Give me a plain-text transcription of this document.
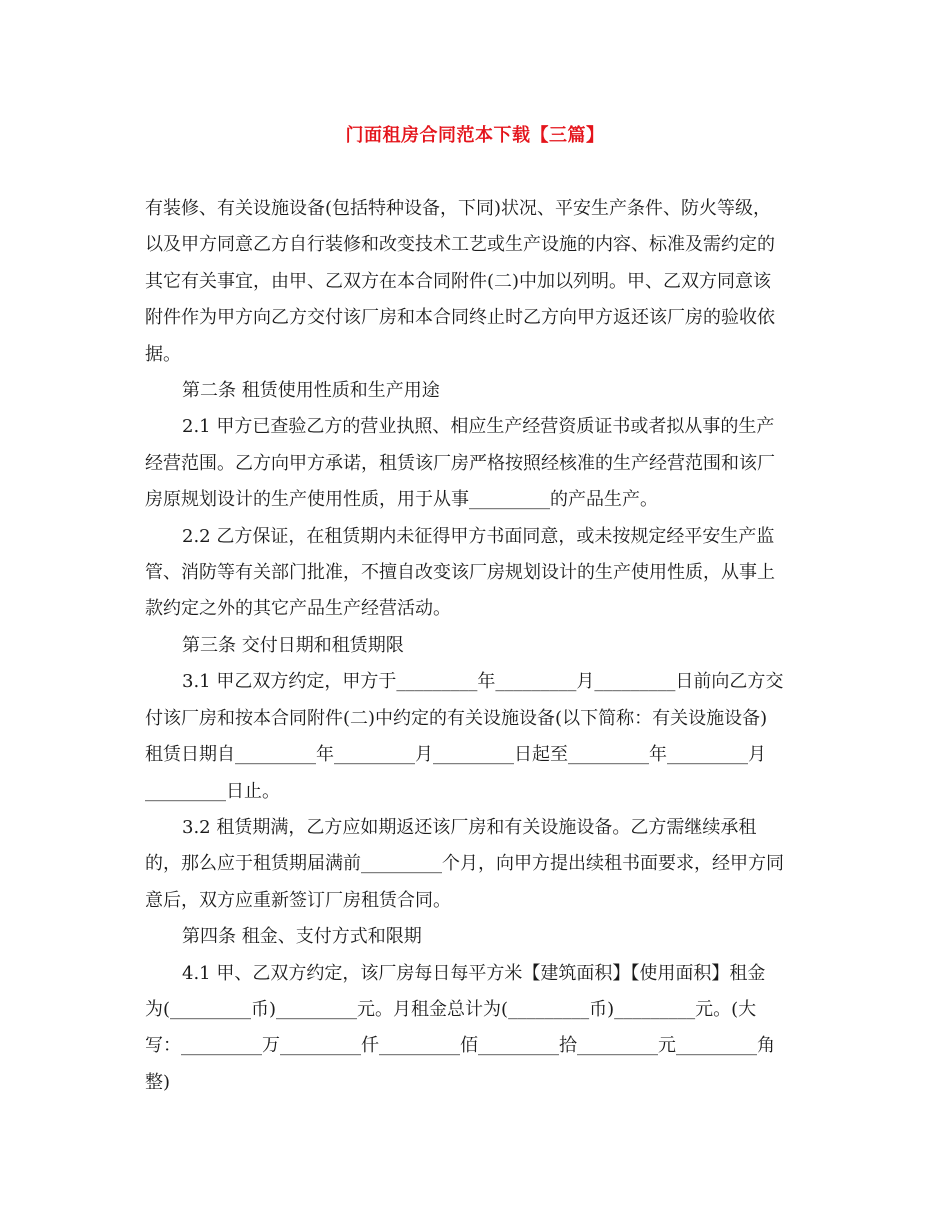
门面租房合同范本下载【三篇】

有装修、有关设施设备(包括特种设备，下同)状况、平安生产条件、防火等级，

以及甲方同意乙方自行装修和改变技术工艺或生产设施的内容、标准及需约定的

其它有关事宜，由甲、乙双方在本合同附件(二)中加以列明。甲、乙双方同意该

附件作为甲方向乙方交付该厂房和本合同终止时乙方向甲方返还该厂房的验收依

据。

第二条 租赁使用性质和生产用途

2.1 甲方已查验乙方的营业执照、相应生产经营资质证书或者拟从事的生产

经营范围。乙方向甲方承诺，租赁该厂房严格按照经核准的生产经营范围和该厂

房原规划设计的生产使用性质，用于从事_________的产品生产。

2.2 乙方保证，在租赁期内未征得甲方书面同意，或未按规定经平安生产监

管、消防等有关部门批准，不擅自改变该厂房规划设计的生产使用性质，从事上

款约定之外的其它产品生产经营活动。

第三条 交付日期和租赁期限

3.1 甲乙双方约定，甲方于_________年_________月_________日前向乙方交

付该厂房和按本合同附件(二)中约定的有关设施设备(以下简称：有关设施设备)

租赁日期自_________年_________月_________日起至_________年_________月

_________日止。

3.2 租赁期满，乙方应如期返还该厂房和有关设施设备。乙方需继续承租

的，那么应于租赁期届满前_________个月，向甲方提出续租书面要求，经甲方同

意后，双方应重新签订厂房租赁合同。

第四条 租金、支付方式和限期

4.1 甲、乙双方约定，该厂房每日每平方米【建筑面积】【使用面积】租金

为(_________币)_________元。月租金总计为(_________币)_________元。(大

写：_________万_________仟_________佰_________拾_________元_________角

整)
